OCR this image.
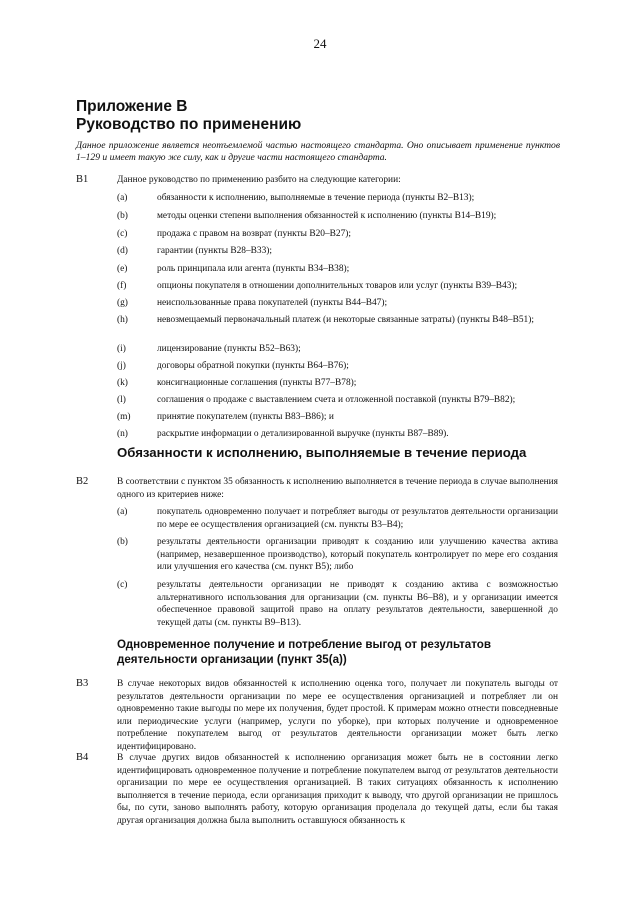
24
Приложение В
Руководство по применению
Данное приложение является неотъемлемой частью настоящего стандарта. Оно описывает применение пунктов 1–129 и имеет такую же силу, как и другие части настоящего стандарта.
B1	Данное руководство по применению разбито на следующие категории:
(a)	обязанности к исполнению, выполняемые в течение периода (пункты B2–B13);
(b)	методы оценки степени выполнения обязанностей к исполнению (пункты B14–B19);
(c)	продажа с правом на возврат (пункты B20–B27);
(d)	гарантии (пункты B28–B33);
(e)	роль принципала или агента (пункты B34–B38);
(f)	опционы покупателя в отношении дополнительных товаров или услуг (пункты B39–B43);
(g)	неиспользованные права покупателей (пункты B44–B47);
(h)	невозмещаемый первоначальный платеж (и некоторые связанные затраты) (пункты B48–B51);
(i)	лицензирование (пункты B52–B63);
(j)	договоры обратной покупки (пункты B64–B76);
(k)	консигнационные соглашения (пункты B77–B78);
(l)	соглашения о продаже с выставлением счета и отложенной поставкой (пункты B79–B82);
(m)	принятие покупателем (пункты B83–B86); и
(n)	раскрытие информации о детализированной выручке (пункты B87–B89).
Обязанности к исполнению, выполняемые в течение периода
B2	В соответствии с пунктом 35 обязанность к исполнению выполняется в течение периода в случае выполнения одного из критериев ниже:
(a)	покупатель одновременно получает и потребляет выгоды от результатов деятельности организации по мере ее осуществления организацией (см. пункты B3–B4);
(b)	результаты деятельности организации приводят к созданию или улучшению качества актива (например, незавершенное производство), который покупатель контролирует по мере его создания или улучшения его качества (см. пункт B5); либо
(c)	результаты деятельности организации не приводят к созданию актива с возможностью альтернативного использования для организации (см. пункты B6–B8), и у организации имеется обеспеченное правовой защитой право на оплату результатов деятельности, завершенной до текущей даты (см. пункты B9–B13).
Одновременное получение и потребление выгод от результатов деятельности организации (пункт 35(a))
B3	В случае некоторых видов обязанностей к исполнению оценка того, получает ли покупатель выгоды от результатов деятельности организации по мере ее осуществления организацией и потребляет ли он одновременно такие выгоды по мере их получения, будет простой. К примерам можно отнести повседневные или периодические услуги (например, услуги по уборке), при которых получение и одновременное потребление покупателем выгод от результатов деятельности организации может быть легко идентифицировано.
B4	В случае других видов обязанностей к исполнению организация может быть не в состоянии легко идентифицировать одновременное получение и потребление покупателем выгод от результатов деятельности организации по мере ее осуществления организацией. В таких ситуациях обязанность к исполнению выполняется в течение периода, если организация приходит к выводу, что другой организации не пришлось бы, по сути, заново выполнять работу, которую организация проделала до текущей даты, если бы такая другая организация должна была выполнить оставшуюся обязанность к
